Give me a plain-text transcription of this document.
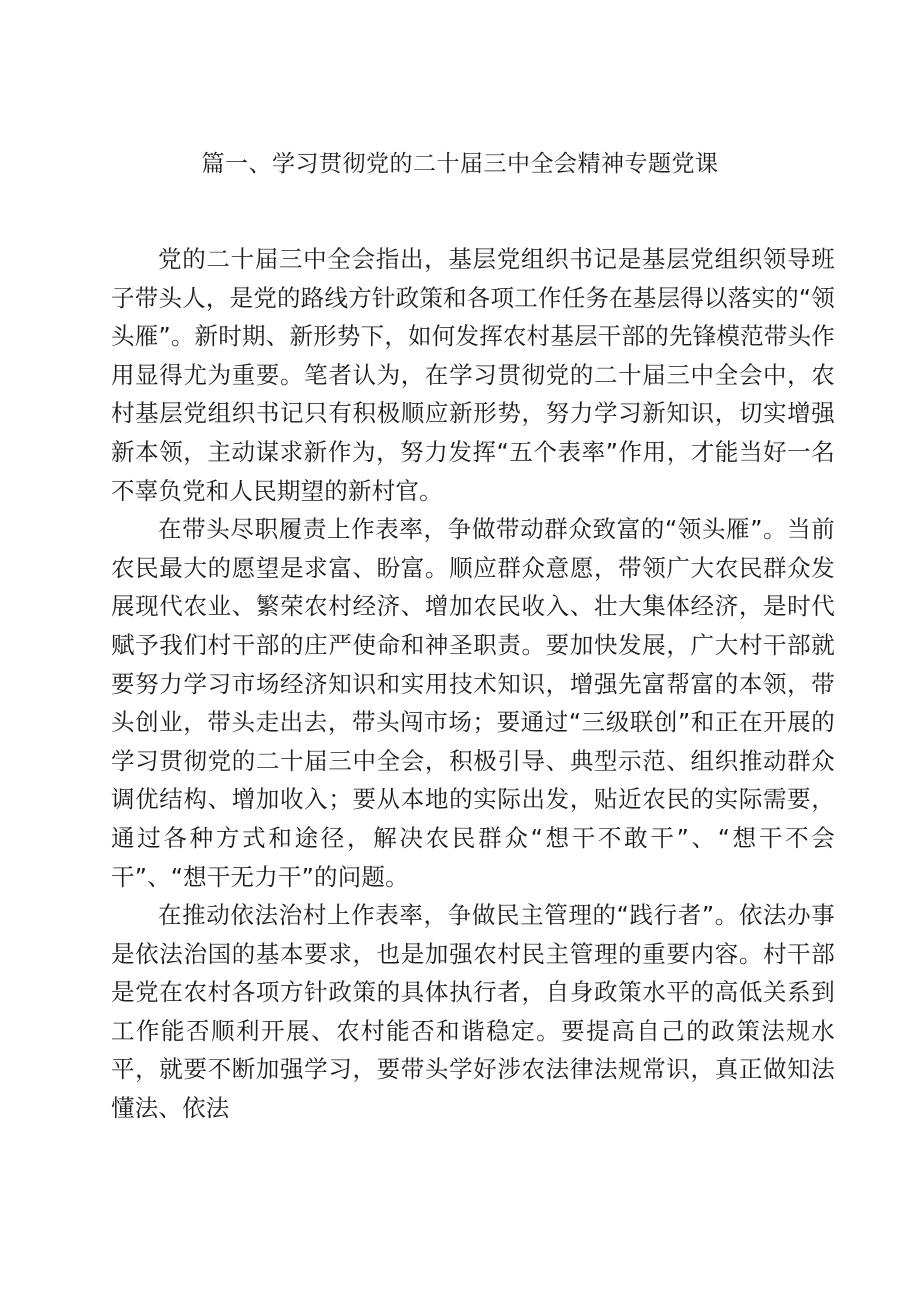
篇一、学习贯彻党的二十届三中全会精神专题党课

党的二十届三中全会指出，基层党组织书记是基层党组织领导班子带头人，是党的路线方针政策和各项工作任务在基层得以落实的“领头雁”。新时期、新形势下，如何发挥农村基层干部的先锋模范带头作用显得尤为重要。笔者认为，在学习贯彻党的二十届三中全会中，农村基层党组织书记只有积极顺应新形势，努力学习新知识，切实增强新本领，主动谋求新作为，努力发挥“五个表率”作用，才能当好一名不辜负党和人民期望的新村官。

在带头尽职履责上作表率，争做带动群众致富的“领头雁”。当前农民最大的愿望是求富、盼富。顺应群众意愿，带领广大农民群众发展现代农业、繁荣农村经济、增加农民收入、壮大集体经济，是时代赋予我们村干部的庄严使命和神圣职责。要加快发展，广大村干部就要努力学习市场经济知识和实用技术知识，增强先富帮富的本领，带头创业，带头走出去，带头闯市场；要通过“三级联创”和正在开展的学习贯彻党的二十届三中全会，积极引导、典型示范、组织推动群众调优结构、增加收入；要从本地的实际出发，贴近农民的实际需要，通过各种方式和途径，解决农民群众“想干不敢干”、“想干不会干”、“想干无力干”的问题。

在推动依法治村上作表率，争做民主管理的“践行者”。依法办事是依法治国的基本要求，也是加强农村民主管理的重要内容。村干部是党在农村各项方针政策的具体执行者，自身政策水平的高低关系到工作能否顺利开展、农村能否和谐稳定。要提高自己的政策法规水平，就要不断加强学习，要带头学好涉农法律法规常识，真正做知法懂法、依法
